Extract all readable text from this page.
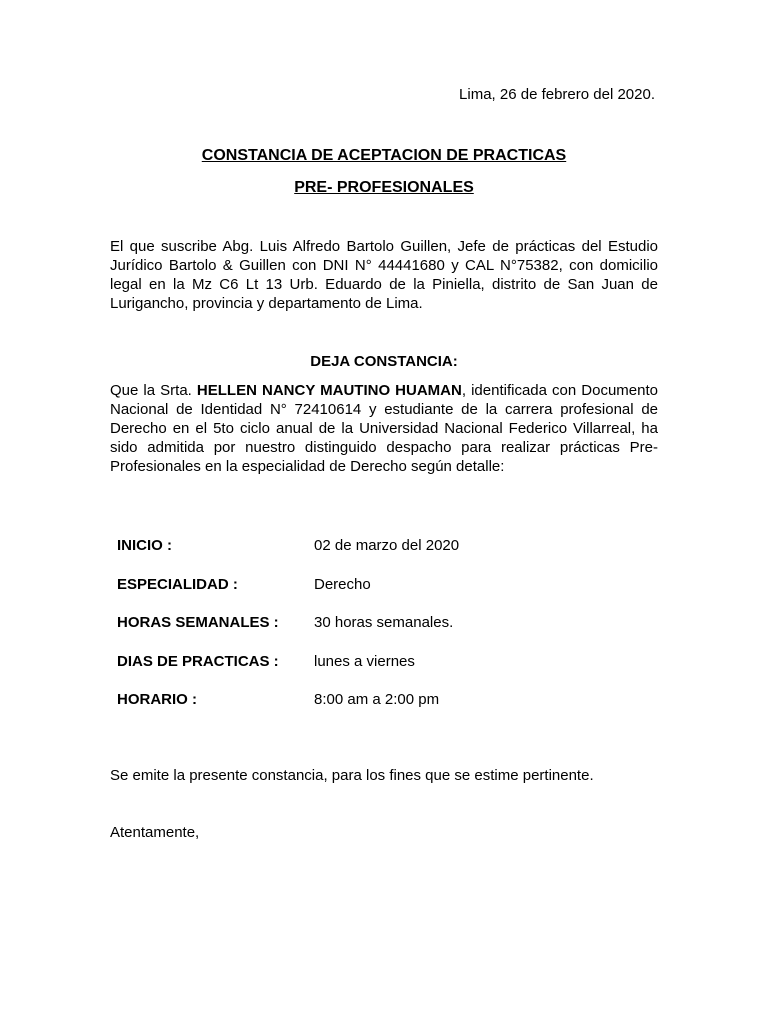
Lima, 26 de febrero del 2020.
CONSTANCIA DE ACEPTACION DE PRACTICAS
PRE- PROFESIONALES
El que suscribe Abg. Luis Alfredo Bartolo Guillen, Jefe de prácticas del Estudio Jurídico Bartolo & Guillen con DNI N° 44441680 y CAL N°75382, con domicilio legal en la Mz C6 Lt 13 Urb. Eduardo de la Piniella, distrito de San Juan de Lurigancho, provincia y departamento de Lima.
DEJA CONSTANCIA:
Que la Srta. HELLEN NANCY MAUTINO HUAMAN, identificada con Documento Nacional de Identidad N° 72410614 y estudiante de la carrera profesional de Derecho en el 5to ciclo anual de la Universidad Nacional Federico Villarreal, ha sido admitida por nuestro distinguido despacho para realizar prácticas Pre- Profesionales en la especialidad de Derecho según detalle:
INICIO :	02 de marzo del 2020
ESPECIALIDAD :	Derecho
HORAS SEMANALES :	30 horas semanales.
DIAS DE PRACTICAS :	lunes a viernes
HORARIO :	8:00 am a 2:00 pm
Se emite la presente constancia, para los fines que se estime pertinente.
Atentamente,
